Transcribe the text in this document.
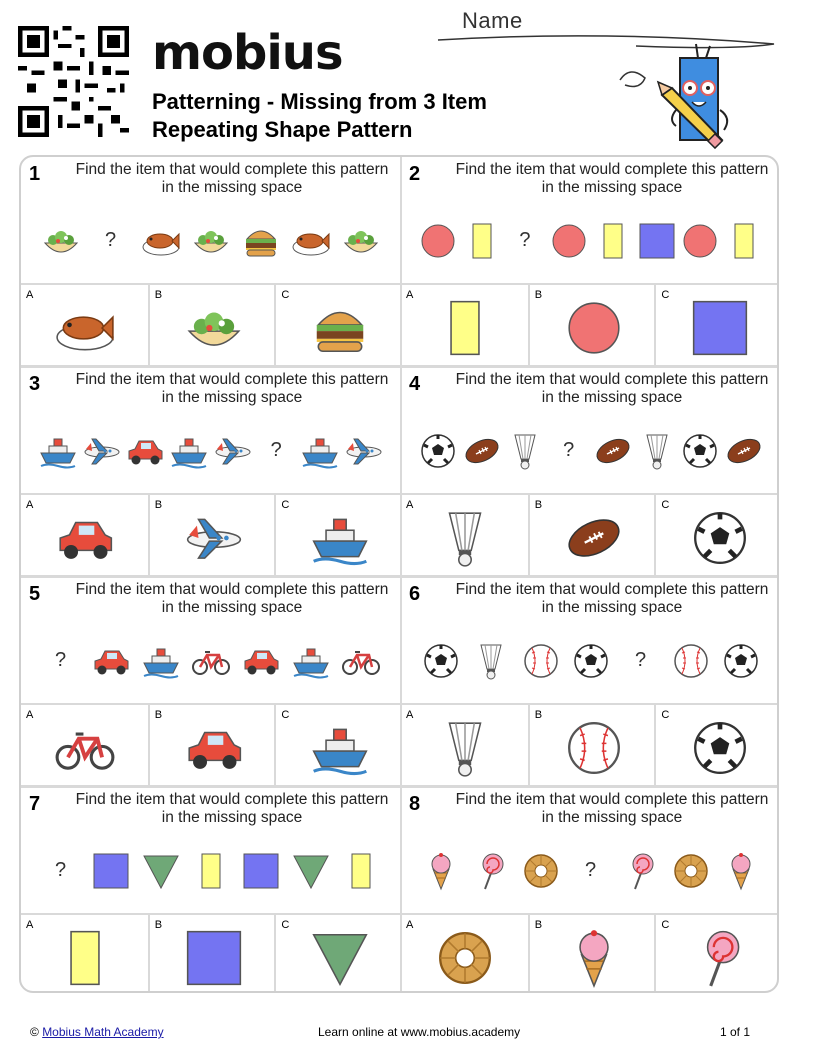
mobius
Patterning - Missing from 3 Item
Repeating Shape Pattern
Name
1 Find the item that would complete this pattern in the missing space
?
A	B	C
2 Find the item that would complete this pattern in the missing space
?
A	B	C
3 Find the item that would complete this pattern in the missing space
?
A	B	C
4 Find the item that would complete this pattern in the missing space
?
A	B	C
5 Find the item that would complete this pattern in the missing space
?
A	B	C
6 Find the item that would complete this pattern in the missing space
?
A	B	C
7 Find the item that would complete this pattern in the missing space
?
A	B	C
8 Find the item that would complete this pattern in the missing space
?
A	B	C
© Mobius Math Academy	Learn online at www.mobius.academy	1 of 1
